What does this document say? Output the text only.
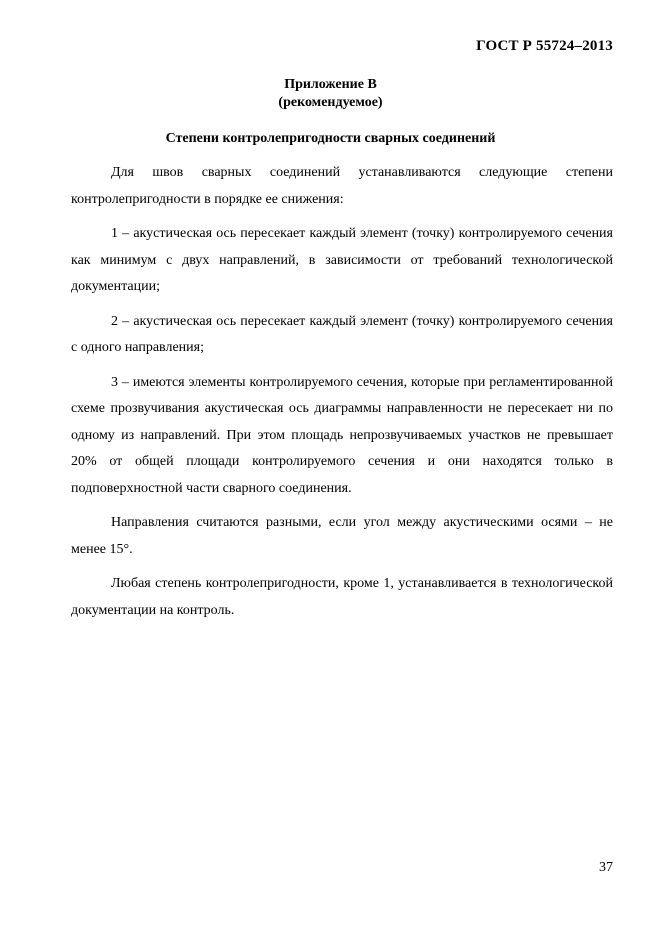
ГОСТ Р 55724–2013
Приложение В
(рекомендуемое)
Степени контролепригодности сварных соединений

Для швов сварных соединений устанавливаются следующие степени контролепригодности в порядке ее снижения:

1 – акустическая ось пересекает каждый элемент (точку) контролируемого сечения как минимум с двух направлений, в зависимости от требований технологической документации;

2 – акустическая ось пересекает каждый элемент (точку) контролируемого сечения с одного направления;

3 – имеются элементы контролируемого сечения, которые при регламентированной схеме прозвучивания акустическая ось диаграммы направленности не пересекает ни по одному из направлений. При этом площадь непрозвучиваемых участков не превышает 20% от общей площади контролируемого сечения и они находятся только в подповерхностной части сварного соединения.

Направления считаются разными, если угол между акустическими осями – не менее 15°.

Любая степень контролепригодности, кроме 1, устанавливается в технологической документации на контроль.

37
